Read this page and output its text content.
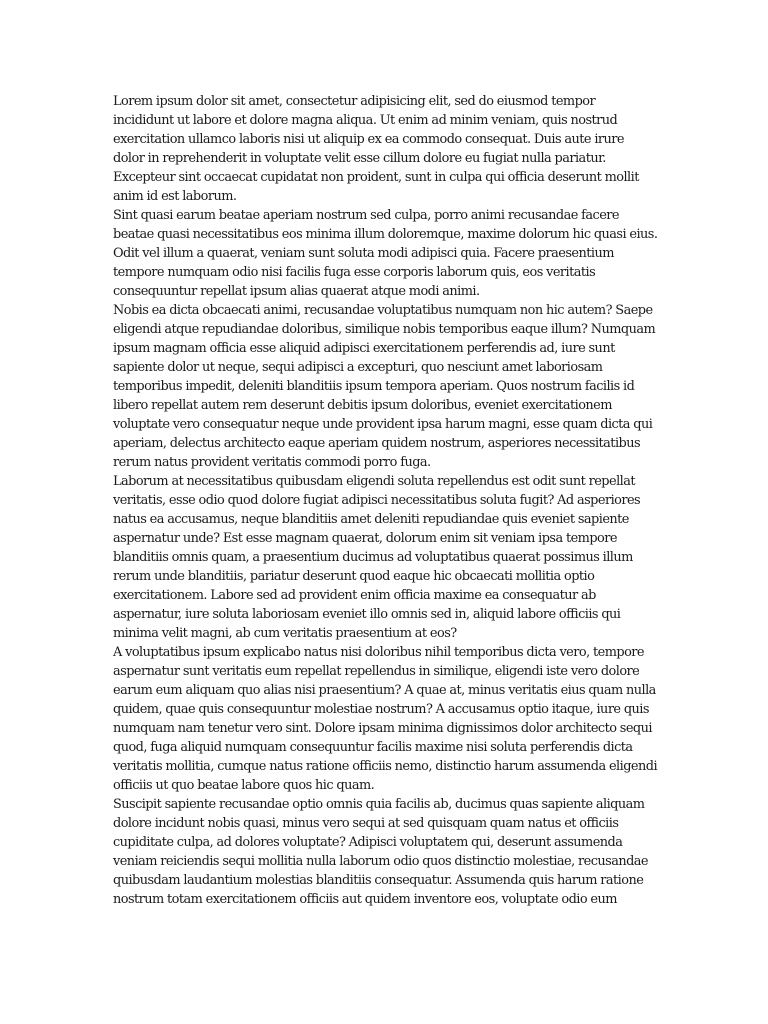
Lorem ipsum dolor sit amet, consectetur adipisicing elit, sed do eiusmod tempor incididunt ut labore et dolore magna aliqua. Ut enim ad minim veniam, quis nostrud exercitation ullamco laboris nisi ut aliquip ex ea commodo consequat. Duis aute irure dolor in reprehenderit in voluptate velit esse cillum dolore eu fugiat nulla pariatur. Excepteur sint occaecat cupidatat non proident, sunt in culpa qui officia deserunt mollit anim id est laborum.

Sint quasi earum beatae aperiam nostrum sed culpa, porro animi recusandae facere beatae quasi necessitatibus eos minima illum doloremque, maxime dolorum hic quasi eius. Odit vel illum a quaerat, veniam sunt soluta modi adipisci quia. Facere praesentium tempore numquam odio nisi facilis fuga esse corporis laborum quis, eos veritatis consequuntur repellat ipsum alias quaerat atque modi animi.

Nobis ea dicta obcaecati animi, recusandae voluptatibus numquam non hic autem? Saepe eligendi atque repudiandae doloribus, similique nobis temporibus eaque illum? Numquam ipsum magnam officia esse aliquid adipisci exercitationem perferendis ad, iure sunt sapiente dolor ut neque, sequi adipisci a excepturi, quo nesciunt amet laboriosam temporibus impedit, deleniti blanditiis ipsum tempora aperiam. Quos nostrum facilis id libero repellat autem rem deserunt debitis ipsum doloribus, eveniet exercitationem voluptate vero consequatur neque unde provident ipsa harum magni, esse quam dicta qui aperiam, delectus architecto eaque aperiam quidem nostrum, asperiores necessitatibus rerum natus provident veritatis commodi porro fuga.

Laborum at necessitatibus quibusdam eligendi soluta repellendus est odit sunt repellat veritatis, esse odio quod dolore fugiat adipisci necessitatibus soluta fugit? Ad asperiores natus ea accusamus, neque blanditiis amet deleniti repudiandae quis eveniet sapiente aspernatur unde? Est esse magnam quaerat, dolorum enim sit veniam ipsa tempore blanditiis omnis quam, a praesentium ducimus ad voluptatibus quaerat possimus illum rerum unde blanditiis, pariatur deserunt quod eaque hic obcaecati mollitia optio exercitationem. Labore sed ad provident enim officia maxime ea consequatur ab aspernatur, iure soluta laboriosam eveniet illo omnis sed in, aliquid labore officiis qui minima velit magni, ab cum veritatis praesentium at eos?

A voluptatibus ipsum explicabo natus nisi doloribus nihil temporibus dicta vero, tempore aspernatur sunt veritatis eum repellat repellendus in similique, eligendi iste vero dolore earum eum aliquam quo alias nisi praesentium? A quae at, minus veritatis eius quam nulla quidem, quae quis consequuntur molestiae nostrum? A accusamus optio itaque, iure quis numquam nam tenetur vero sint. Dolore ipsam minima dignissimos dolor architecto sequi quod, fuga aliquid numquam consequuntur facilis maxime nisi soluta perferendis dicta veritatis mollitia, cumque natus ratione officiis nemo, distinctio harum assumenda eligendi officiis ut quo beatae labore quos hic quam.

Suscipit sapiente recusandae optio omnis quia facilis ab, ducimus quas sapiente aliquam dolore incidunt nobis quasi, minus vero sequi at sed quisquam quam natus et officiis cupiditate culpa, ad dolores voluptate? Adipisci voluptatem qui, deserunt assumenda veniam reiciendis sequi mollitia nulla laborum odio quos distinctio molestiae, recusandae quibusdam laudantium molestias blanditiis consequatur. Assumenda quis harum ratione nostrum totam exercitationem officiis aut quidem inventore eos, voluptate odio eum
